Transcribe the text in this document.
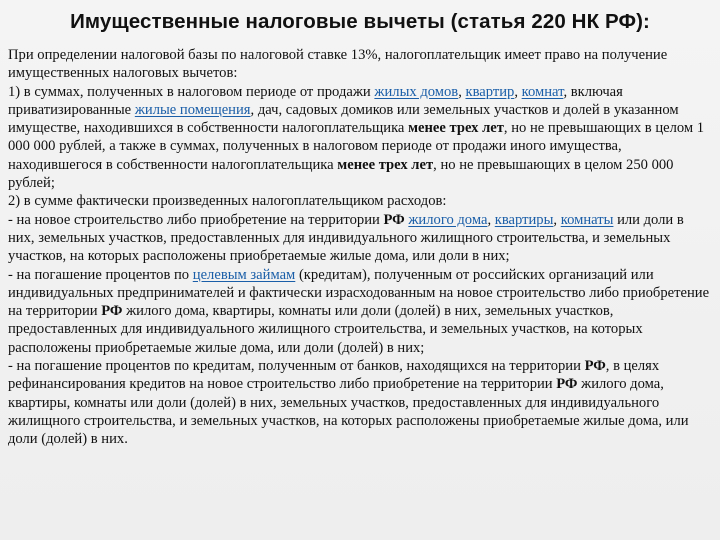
Имущественные налоговые вычеты (статья 220 НК РФ):

При определении налоговой базы по налоговой ставке 13%, налогоплательщик имеет право на получение имущественных налоговых вычетов:

1) в суммах, полученных в налоговом периоде от продажи жилых домов, квартир, комнат, включая приватизированные жилые помещения, дач, садовых домиков или земельных участков и долей в указанном имуществе, находившихся в собственности налогоплательщика менее трех лет, но не превышающих в целом 1 000 000 рублей, а также в суммах, полученных в налоговом периоде от продажи иного имущества, находившегося в собственности налогоплательщика менее трех лет, но не превышающих в целом 250 000 рублей;

2) в сумме фактически произведенных налогоплательщиком расходов:

- на новое строительство либо приобретение на территории РФ жилого дома, квартиры, комнаты или доли в них, земельных участков, предоставленных для индивидуального жилищного строительства, и земельных участков, на которых расположены приобретаемые жилые дома, или доли в них;

- на погашение процентов по целевым займам (кредитам), полученным от российских организаций или индивидуальных предпринимателей и фактически израсходованным на новое строительство либо приобретение на территории РФ жилого дома, квартиры, комнаты или доли (долей) в них, земельных участков, предоставленных для индивидуального жилищного строительства, и земельных участков, на которых расположены приобретаемые жилые дома, или доли (долей) в них;

- на погашение процентов по кредитам, полученным от банков, находящихся на территории РФ, в целях рефинансирования кредитов на новое строительство либо приобретение на территории РФ жилого дома, квартиры, комнаты или доли (долей) в них, земельных участков, предоставленных для индивидуального жилищного строительства, и земельных участков, на которых расположены приобретаемые жилые дома, или доли (долей) в них.
